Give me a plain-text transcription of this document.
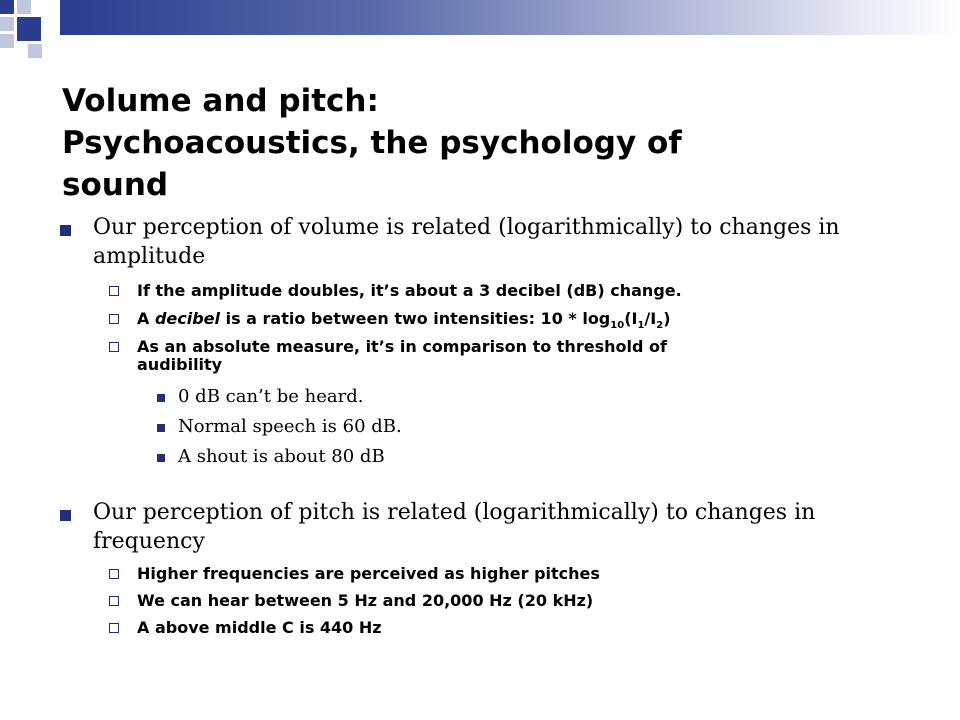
Volume and pitch:
Psychoacoustics, the psychology of
sound

Our perception of volume is related (logarithmically) to changes in
amplitude

If the amplitude doubles, it’s about a 3 decibel (dB) change.
A decibel is a ratio between two intensities: $10 * \log_{10}(I_1/I_2)$
As an absolute measure, it’s in comparison to threshold of
audibility
0 dB can’t be heard.
Normal speech is 60 dB.
A shout is about 80 dB

Our perception of pitch is related (logarithmically) to changes in
frequency

Higher frequencies are perceived as higher pitches
We can hear between 5 Hz and 20,000 Hz (20 kHz)
A above middle C is 440 Hz
